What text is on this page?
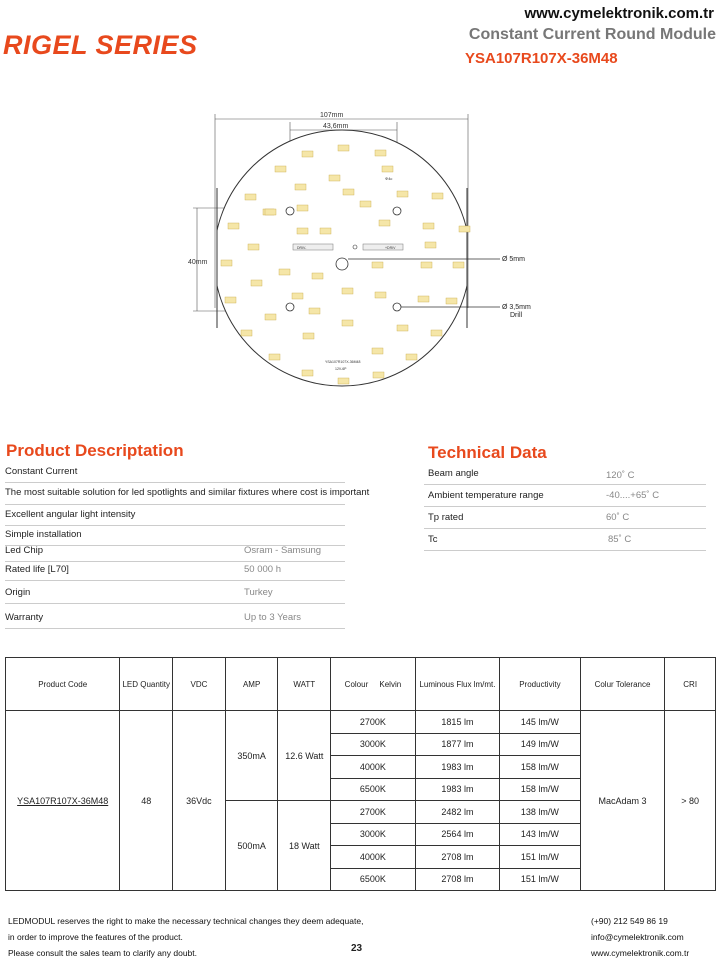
RIGEL SERIES
www.cymelektronik.com.tr
Constant Current Round Module
YSA107R107X-36M48
107mm
43,6mm
40mm	Ø 5mm
Ø 3,5mm
Drill
DRIV-	+DRIV
Φ4c
YSA107R107X-36M48
12V-6P
Product Descriptation
Constant Current
The most suitable solution for led spotlights and similar fixtures where cost is important
Excellent angular light intensity
Simple installation
Led Chip	Osram - Samsung
Rated life [L70]	50 000 h
Origin	Turkey
Warranty	Up to 3 Years
Technical Data
Beam angle	120˚ C
Ambient temperature range	-40....+65˚ C
Tp rated	60˚ C
Tc	85˚ C
Product Code	LED Quantity	VDC	AMP	WATT	Colour Kelvin	Luminous Flux lm/mt.	Productivity	Colur Tolerance	CRI
YSA107R107X-36M48	48	36Vdc	350mA	12.6 Watt	2700K	1815 lm	145 lm/W	MacAdam 3	> 80
					3000K	1877 lm	149 lm/W		
					4000K	1983 lm	158 lm/W		
					6500K	1983 lm	158 lm/W		
			500mA	18 Watt	2700K	2482 lm	138 lm/W		
					3000K	2564 lm	143 lm/W		
					4000K	2708 lm	151 lm/W		
					6500K	2708 lm	151 lm/W		
LEDMODUL reserves the right to make the necessary technical changes they deem adequate,
in order to improve the features of the product.
Please consult the sales team to clarify any doubt.	23
(+90) 212 549 86 19
info@cymelektronik.com
www.cymelektronik.com.tr
